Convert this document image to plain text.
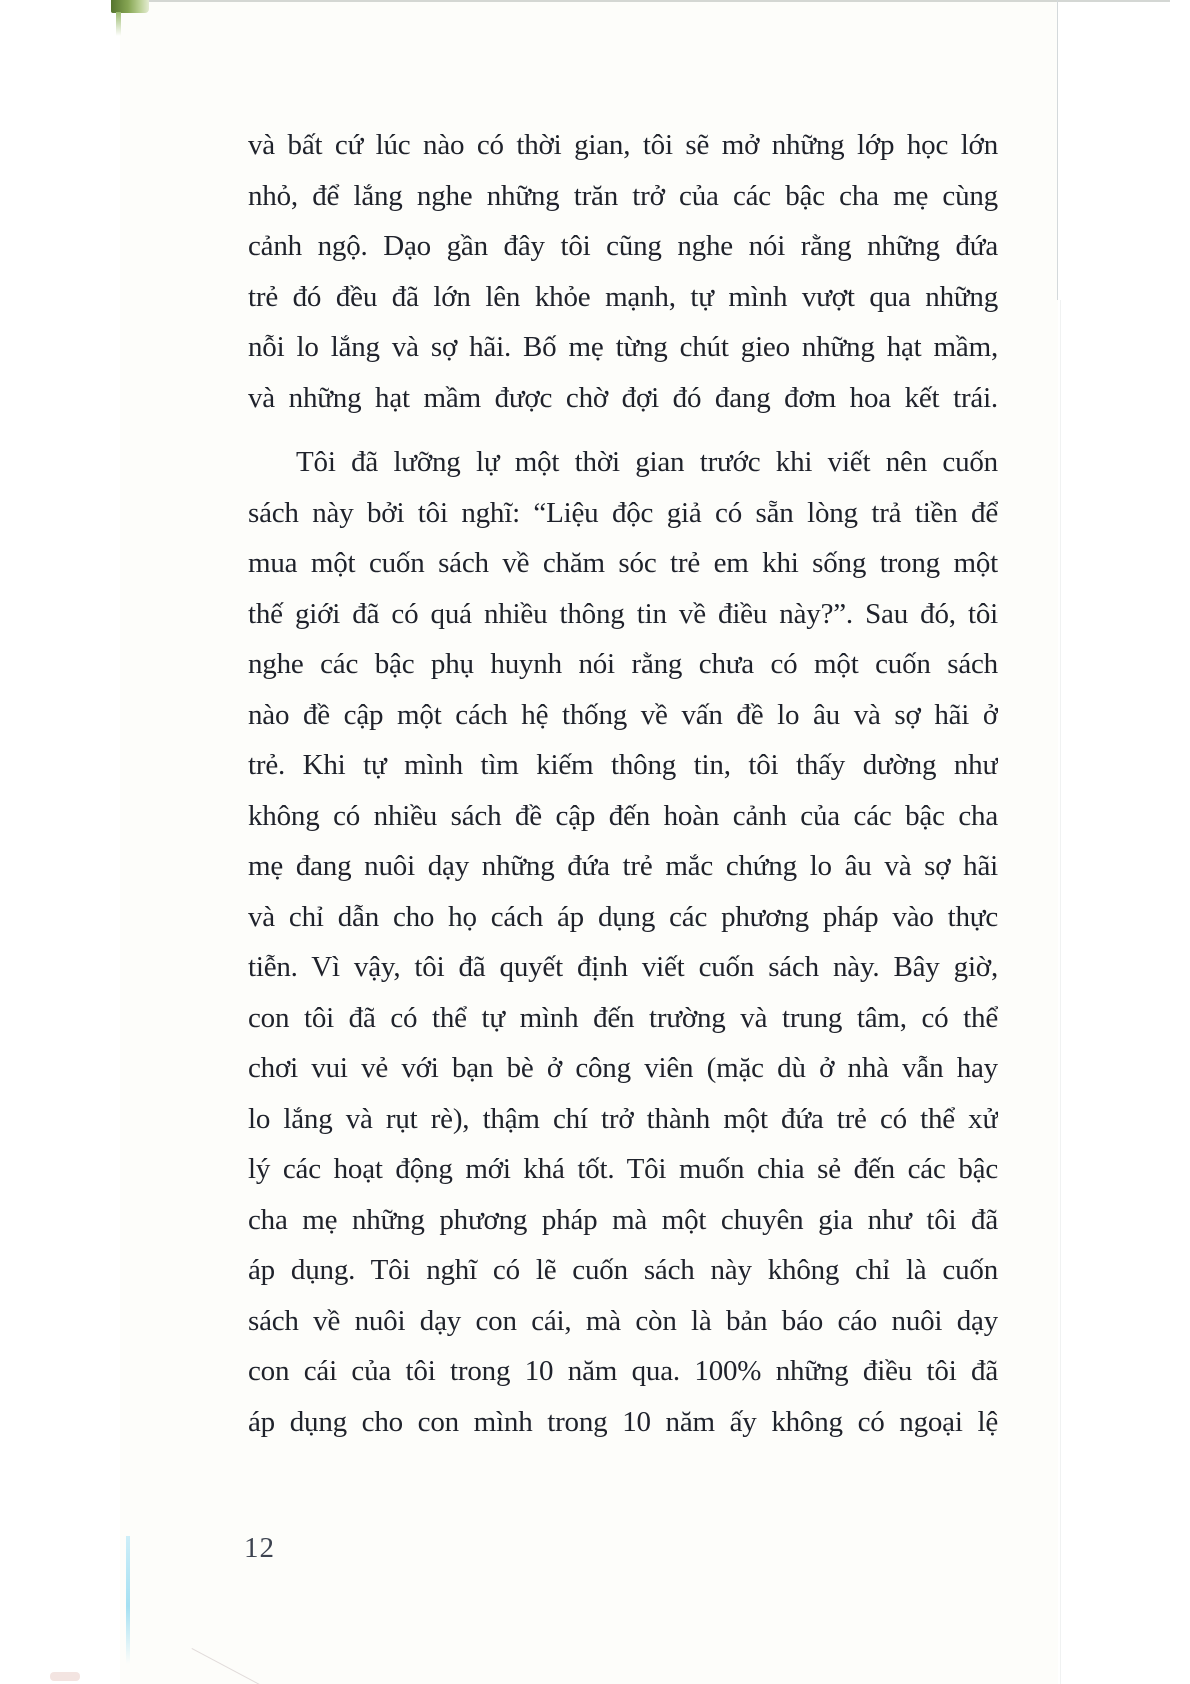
và bất cứ lúc nào có thời gian, tôi sẽ mở những lớp học lớn
nhỏ, để lắng nghe những trăn trở của các bậc cha mẹ cùng
cảnh ngộ. Dạo gần đây tôi cũng nghe nói rằng những đứa
trẻ đó đều đã lớn lên khỏe mạnh, tự mình vượt qua những
nỗi lo lắng và sợ hãi. Bố mẹ từng chút gieo những hạt mầm,
và những hạt mầm được chờ đợi đó đang đơm hoa kết trái.
Tôi đã lưỡng lự một thời gian trước khi viết nên cuốn
sách này bởi tôi nghĩ: “Liệu độc giả có sẵn lòng trả tiền để
mua một cuốn sách về chăm sóc trẻ em khi sống trong một
thế giới đã có quá nhiều thông tin về điều này?”. Sau đó, tôi
nghe các bậc phụ huynh nói rằng chưa có một cuốn sách
nào đề cập một cách hệ thống về vấn đề lo âu và sợ hãi ở
trẻ. Khi tự mình tìm kiếm thông tin, tôi thấy dường như
không có nhiều sách đề cập đến hoàn cảnh của các bậc cha
mẹ đang nuôi dạy những đứa trẻ mắc chứng lo âu và sợ hãi
và chỉ dẫn cho họ cách áp dụng các phương pháp vào thực
tiễn. Vì vậy, tôi đã quyết định viết cuốn sách này. Bây giờ,
con tôi đã có thể tự mình đến trường và trung tâm, có thể
chơi vui vẻ với bạn bè ở công viên (mặc dù ở nhà vẫn hay
lo lắng và rụt rè), thậm chí trở thành một đứa trẻ có thể xử
lý các hoạt động mới khá tốt. Tôi muốn chia sẻ đến các bậc
cha mẹ những phương pháp mà một chuyên gia như tôi đã
áp dụng. Tôi nghĩ có lẽ cuốn sách này không chỉ là cuốn
sách về nuôi dạy con cái, mà còn là bản báo cáo nuôi dạy
con cái của tôi trong 10 năm qua. 100% những điều tôi đã
áp dụng cho con mình trong 10 năm ấy không có ngoại lệ
12
